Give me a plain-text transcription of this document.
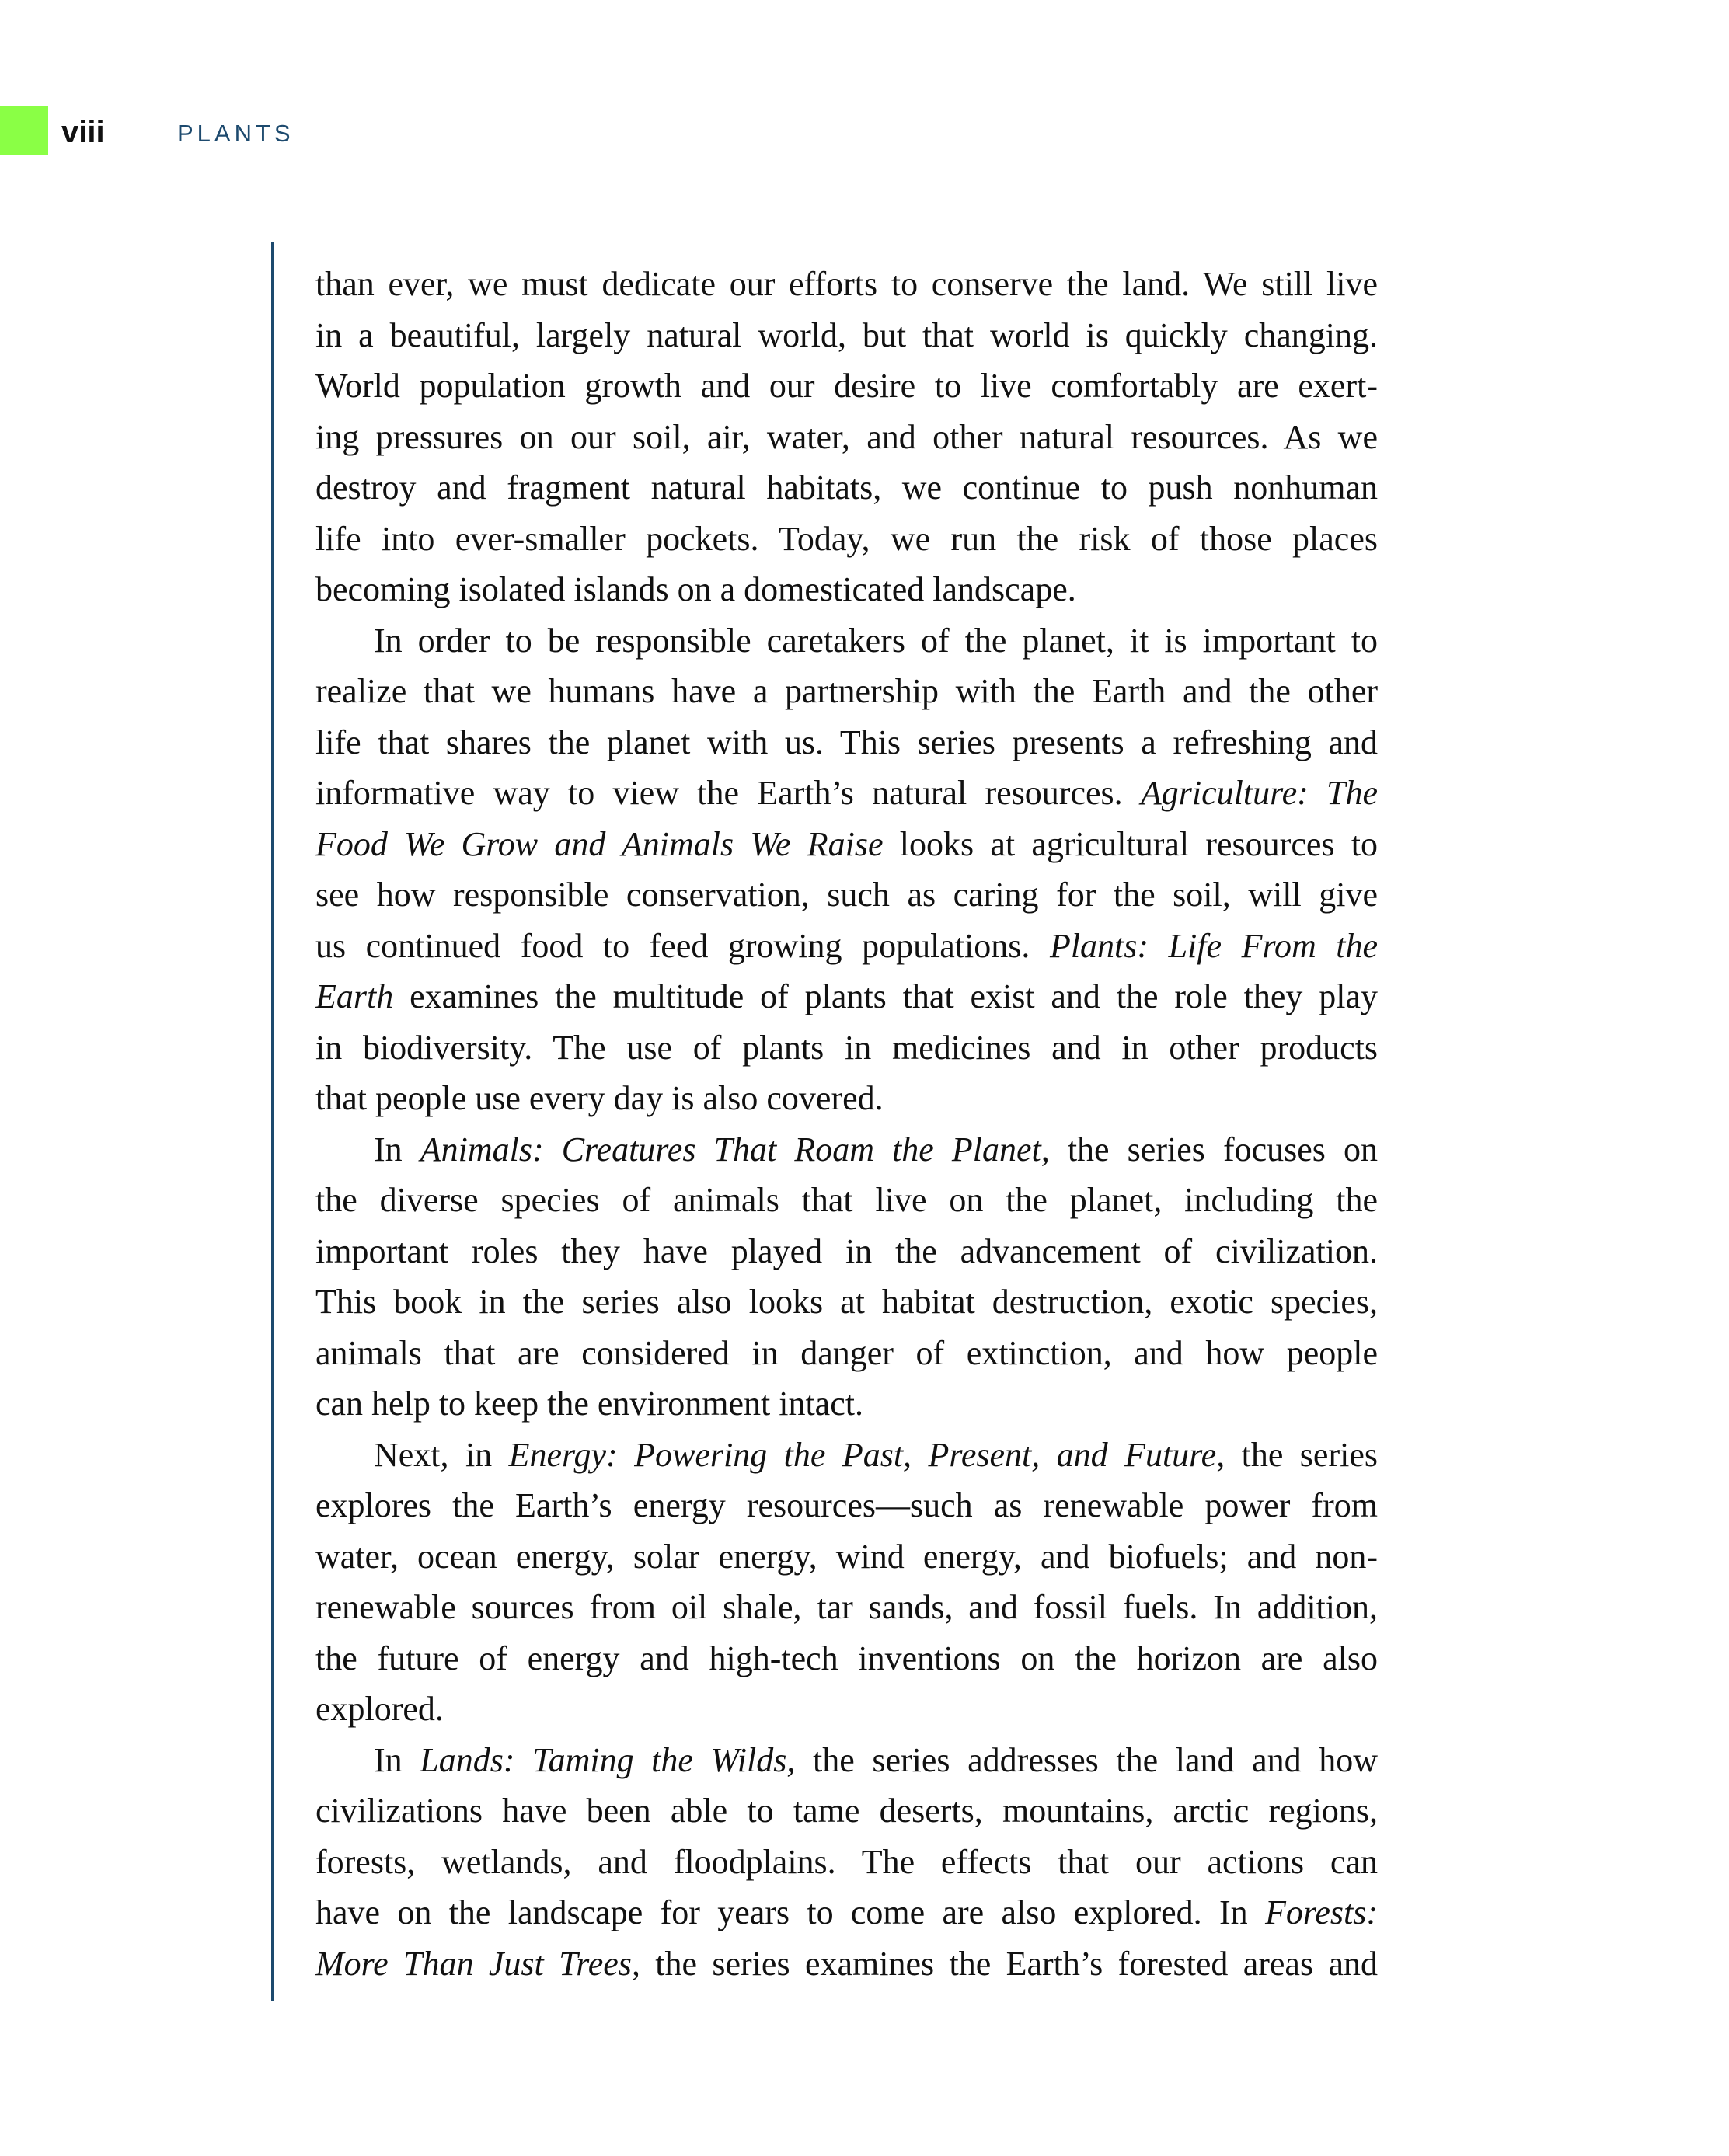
viii	PLANTS
than ever, we must dedicate our efforts to conserve the land. We still live
in a beautiful, largely natural world, but that world is quickly changing.
World population growth and our desire to live comfortably are exert-
ing pressures on our soil, air, water, and other natural resources. As we
destroy and fragment natural habitats, we continue to push nonhuman
life into ever-smaller pockets. Today, we run the risk of those places
becoming isolated islands on a domesticated landscape.
In order to be responsible caretakers of the planet, it is important to
realize that we humans have a partnership with the Earth and the other
life that shares the planet with us. This series presents a refreshing and
informative way to view the Earth’s natural resources. Agriculture: The
Food We Grow and Animals We Raise looks at agricultural resources to
see how responsible conservation, such as caring for the soil, will give
us continued food to feed growing populations. Plants: Life From the
Earth examines the multitude of plants that exist and the role they play
in biodiversity. The use of plants in medicines and in other products
that people use every day is also covered.
In Animals: Creatures That Roam the Planet, the series focuses on
the diverse species of animals that live on the planet, including the
important roles they have played in the advancement of civilization.
This book in the series also looks at habitat destruction, exotic species,
animals that are considered in danger of extinction, and how people
can help to keep the environment intact.
Next, in Energy: Powering the Past, Present, and Future, the series
explores the Earth’s energy resources—such as renewable power from
water, ocean energy, solar energy, wind energy, and biofuels; and non-
renewable sources from oil shale, tar sands, and fossil fuels. In addition,
the future of energy and high-tech inventions on the horizon are also
explored.
In Lands: Taming the Wilds, the series addresses the land and how
civilizations have been able to tame deserts, mountains, arctic regions,
forests, wetlands, and floodplains. The effects that our actions can
have on the landscape for years to come are also explored. In Forests:
More Than Just Trees, the series examines the Earth’s forested areas and
